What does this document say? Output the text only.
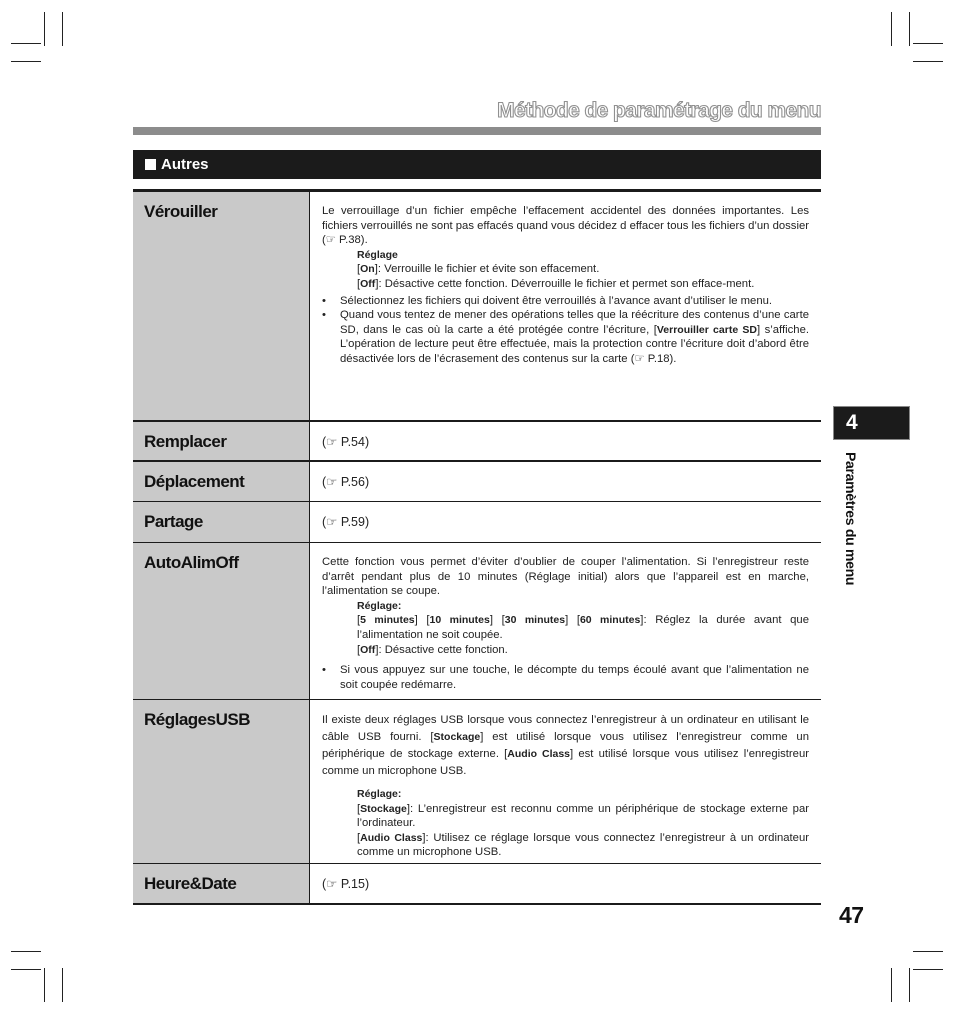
Méthode de paramétrage du menu
Autres
Vérouiller	Le verrouillage d’un fichier empêche l’effacement accidentel des données importantes. Les fichiers verrouillés ne sont pas effacés quand vous décidez d effacer tous les fichiers d’un dossier (☞ P.38).

Réglage

[On]: Verrouille le fichier et évite son effacement.

[Off]: Désactive cette fonction. Déverrouille le fichier et permet son efface-ment.

•	Sélectionnez les fichiers qui doivent être verrouillés à l’avance avant d’utiliser le menu.

•	Quand vous tentez de mener des opérations telles que la réécriture des contenus d’une carte SD, dans le cas où la carte a été protégée contre l’écriture, [Verrouiller carte SD] s’affiche. L’opération de lecture peut être effectuée, mais la protection contre l’écriture doit d’abord être désactivée lors de l’écrasement des contenus sur la carte (☞ P.18).

Remplacer	(☞ P.54)
Déplacement	(☞ P.56)
Partage	(☞ P.59)
AutoAlimOff	Cette fonction vous permet d’éviter d’oublier de couper l’alimentation. Si l’enregistreur reste d’arrêt pendant plus de 10 minutes (Réglage initial) alors que l’appareil est en marche, l’alimentation se coupe.

Réglage:

[5 minutes] [10 minutes] [30 minutes] [60 minutes]: Réglez la durée avant que l’alimentation ne soit coupée.

[Off]: Désactive cette fonction.

•	Si vous appuyez sur une touche, le décompte du temps écoulé avant que l’alimentation ne soit coupée redémarre.

RéglagesUSB	Il existe deux réglages USB lorsque vous connectez l’enregistreur à un ordinateur en utilisant le câble USB fourni. [Stockage] est utilisé lorsque vous utilisez l’enregistreur comme un périphérique de stockage externe. [Audio Class] est utilisé lorsque vous utilisez l’enregistreur comme un microphone USB.

Réglage:

[Stockage]: L’enregistreur est reconnu comme un périphérique de stockage externe par l’ordinateur.

[Audio Class]: Utilisez ce réglage lorsque vous connectez l’enregistreur à un ordinateur comme un microphone USB.

Heure&Date	(☞ P.15)
4
Paramètres du menu
47
